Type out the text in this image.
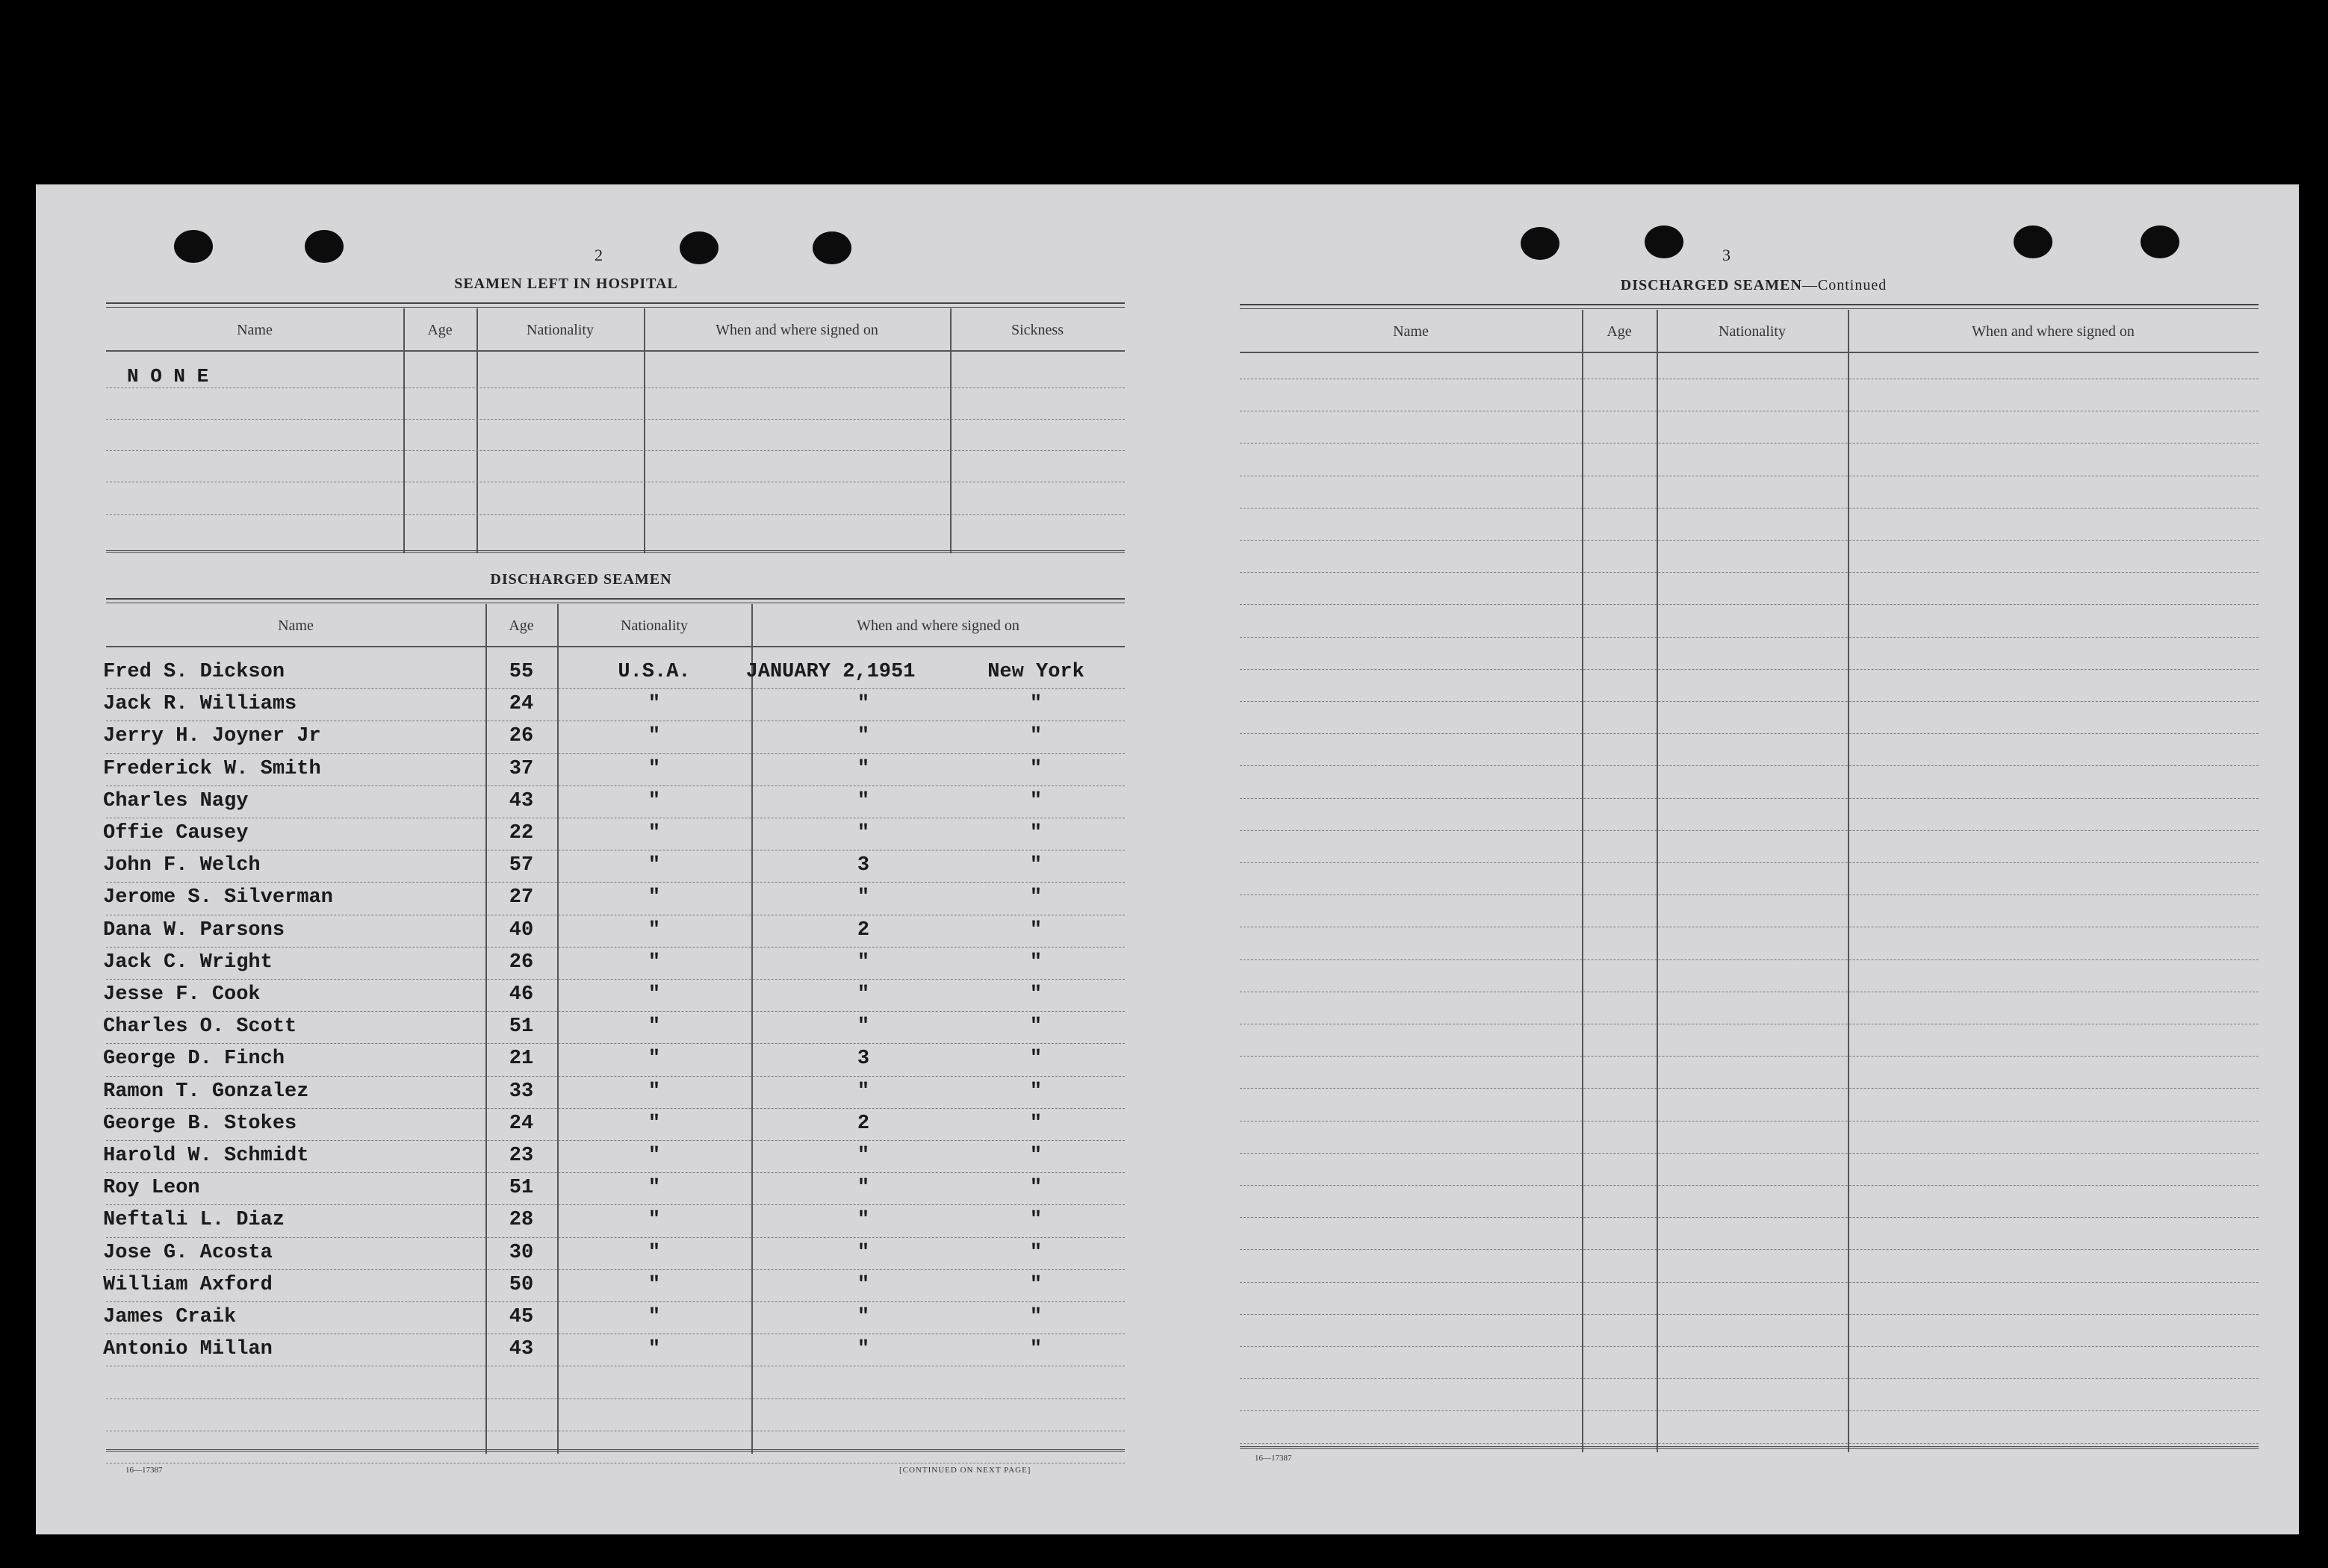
2
SEAMEN LEFT IN HOSPITAL
Name	Age	Nationality	When and where signed on	Sickness
N O N E
DISCHARGED SEAMEN
Name	Age	Nationality	When and where signed on
Fred S. Dickson	55	U.S.A.	JANUARY 2,1951	New York
Jack R. Williams	24	"	"	"
Jerry H. Joyner Jr	26	"	"	"
Frederick W. Smith	37	"	"	"
Charles Nagy	43	"	"	"
Offie Causey	22	"	"	"
John F. Welch	57	"	3	"
Jerome S. Silverman	27	"	"	"
Dana W. Parsons	40	"	2	"
Jack C. Wright	26	"	"	"
Jesse F. Cook	46	"	"	"
Charles O. Scott	51	"	"	"
George D. Finch	21	"	3	"
Ramon T. Gonzalez	33	"	"	"
George B. Stokes	24	"	2	"
Harold W. Schmidt	23	"	"	"
Roy Leon	51	"	"	"
Neftali L. Diaz	28	"	"	"
Jose G. Acosta	30	"	"	"
William Axford	50	"	"	"
James Craik	45	"	"	"
Antonio Millan	43	"	"	"
16—17387	[CONTINUED ON NEXT PAGE]
3
DISCHARGED SEAMEN—Continued
Name	Age	Nationality	When and where signed on
16—17387
